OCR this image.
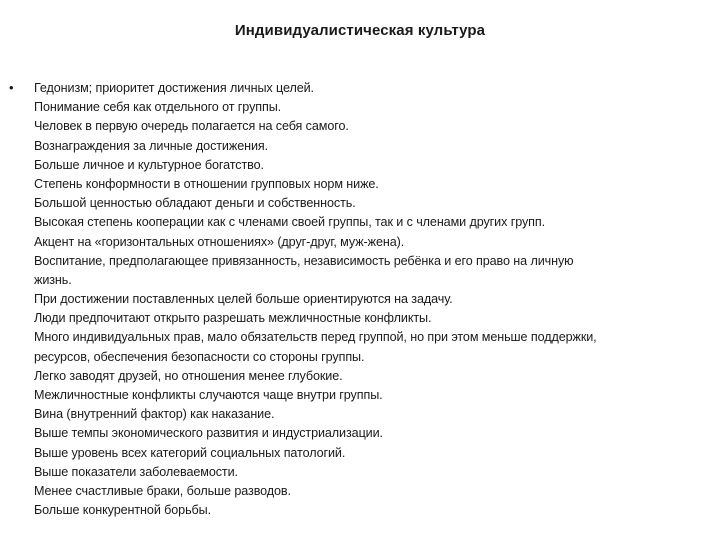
Индивидуалистическая культура
• Гедонизм; приоритет достижения личных целей.
Понимание себя как отдельного от группы.
Человек в первую очередь полагается на себя самого.
Вознаграждения за личные достижения.
Больше личное и культурное богатство.
Степень конформности в отношении групповых норм ниже.
Большой ценностью обладают деньги и собственность.
Высокая степень кооперации как с членами своей группы, так и с членами других групп.
Акцент на «горизонтальных отношениях» (друг-друг, муж-жена).
Воспитание, предполагающее привязанность, независимость ребёнка и его право на личную
жизнь.
При достижении поставленных целей больше ориентируются на задачу.
Люди предпочитают открыто разрешать межличностные конфликты.
Много индивидуальных прав, мало обязательств перед группой, но при этом меньше поддержки,
ресурсов, обеспечения безопасности со стороны группы.
Легко заводят друзей, но отношения менее глубокие.
Межличностные конфликты случаются чаще внутри группы.
Вина (внутренний фактор) как наказание.
Выше темпы экономического развития и индустриализации.
Выше уровень всех категорий социальных патологий.
Выше показатели заболеваемости.
Менее счастливые браки, больше разводов.
Больше конкурентной борьбы.
